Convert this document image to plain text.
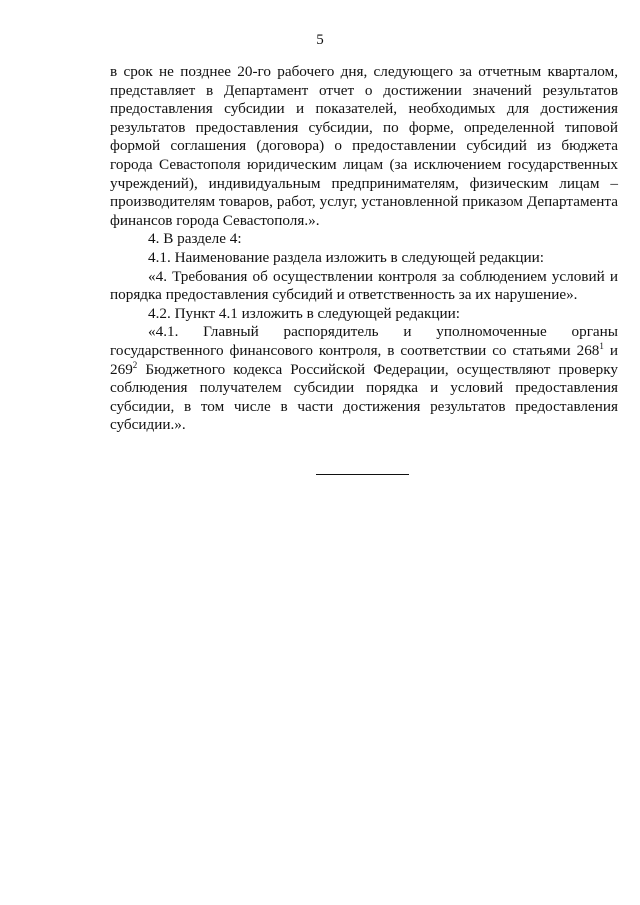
5

в срок не позднее 20-го рабочего дня, следующего за отчетным кварталом, представляет в Департамент отчет о достижении значений результатов предоставления субсидии и показателей, необходимых для достижения результатов предоставления субсидии, по форме, определенной типовой формой соглашения (договора) о предоставлении субсидий из бюджета города Севастополя юридическим лицам (за исключением государственных учреждений), индивидуальным предпринимателям, физическим лицам – производителям товаров, работ, услуг, установленной приказом Департамента финансов города Севастополя.».

4. В разделе 4:

4.1. Наименование раздела изложить в следующей редакции:

«4. Требования об осуществлении контроля за соблюдением условий и порядка предоставления субсидий и ответственность за их нарушение».

4.2. Пункт 4.1 изложить в следующей редакции:

«4.1. Главный распорядитель и уполномоченные органы государственного финансового контроля, в соответствии со статьями $268^1$ и $269^2$ Бюджетного кодекса Российской Федерации, осуществляют проверку соблюдения получателем субсидии порядка и условий предоставления субсидии, в том числе в части достижения результатов предоставления субсидии.».
